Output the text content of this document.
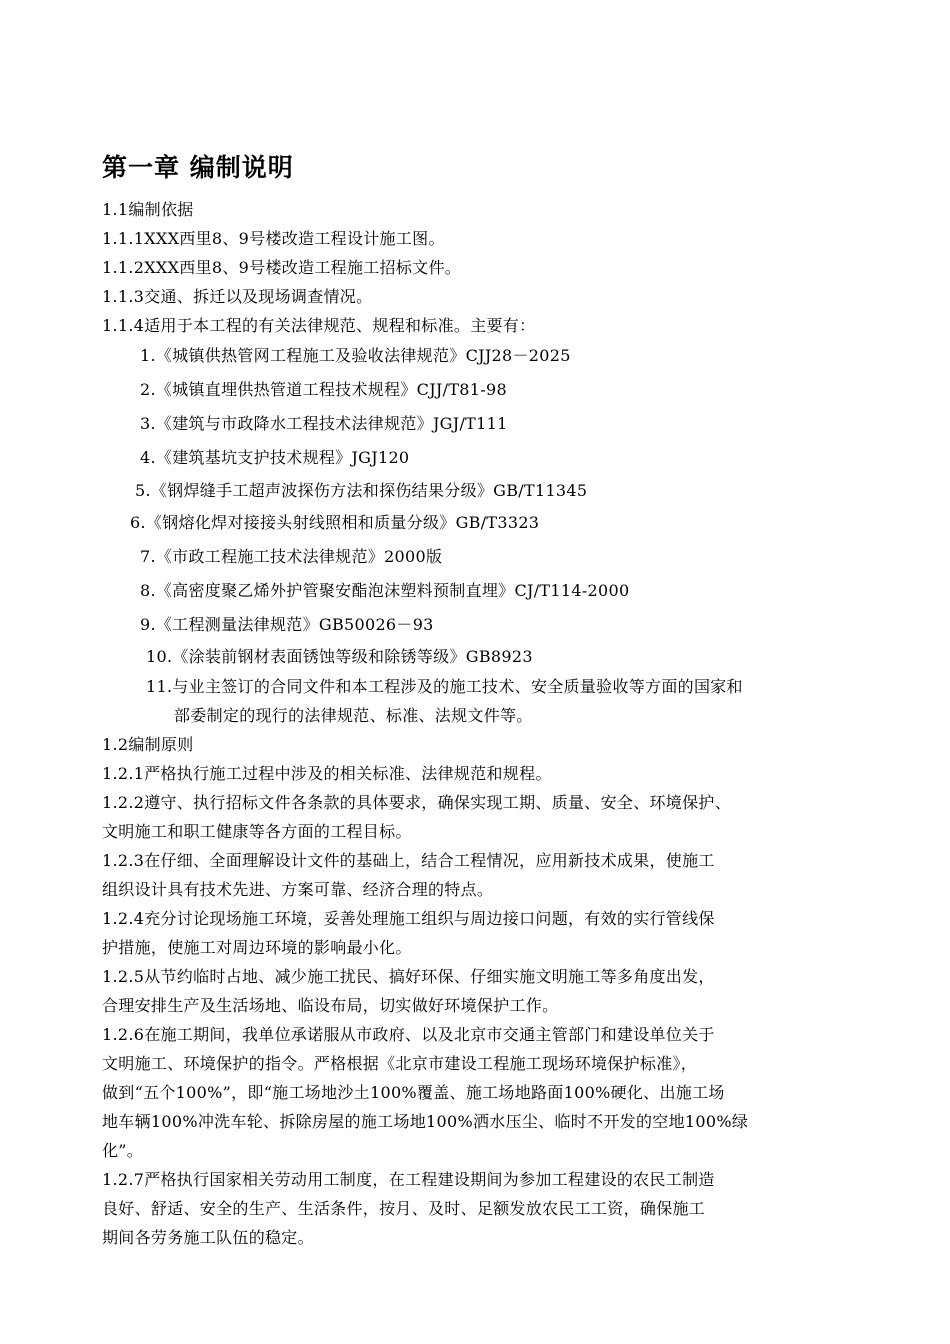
第一章 编制说明
1.1编制依据
1.1.1XXX西里8、9号楼改造工程设计施工图。
1.1.2XXX西里8、9号楼改造工程施工招标文件。
1.1.3交通、拆迁以及现场调查情况。
1.1.4适用于本工程的有关法律规范、规程和标准。主要有：
1.《城镇供热管网工程施工及验收法律规范》CJJ28－2025
2.《城镇直埋供热管道工程技术规程》CJJ/T81-98
3.《建筑与市政降水工程技术法律规范》JGJ/T111
4.《建筑基坑支护技术规程》JGJ120
5.《钢焊缝手工超声波探伤方法和探伤结果分级》GB/T11345
6.《钢熔化焊对接接头射线照相和质量分级》GB/T3323
7.《市政工程施工技术法律规范》2000版
8.《高密度聚乙烯外护管聚安酯泡沫塑料预制直埋》CJ/T114-2000
9.《工程测量法律规范》GB50026－93
10.《涂装前钢材表面锈蚀等级和除锈等级》GB8923
11.与业主签订的合同文件和本工程涉及的施工技术、安全质量验收等方面的国家和
部委制定的现行的法律规范、标准、法规文件等。
1.2编制原则
1.2.1严格执行施工过程中涉及的相关标准、法律规范和规程。
1.2.2遵守、执行招标文件各条款的具体要求，确保实现工期、质量、安全、环境保护、
文明施工和职工健康等各方面的工程目标。
1.2.3在仔细、全面理解设计文件的基础上，结合工程情况，应用新技术成果，使施工
组织设计具有技术先进、方案可靠、经济合理的特点。
1.2.4充分讨论现场施工环境，妥善处理施工组织与周边接口问题，有效的实行管线保
护措施，使施工对周边环境的影响最小化。
1.2.5从节约临时占地、减少施工扰民、搞好环保、仔细实施文明施工等多角度出发，
合理安排生产及生活场地、临设布局，切实做好环境保护工作。
1.2.6在施工期间，我单位承诺服从市政府、以及北京市交通主管部门和建设单位关于
文明施工、环境保护的指令。严格根据《北京市建设工程施工现场环境保护标准》，
做到“五个100%”，即“施工场地沙土100%覆盖、施工场地路面100%硬化、出施工场
地车辆100%冲洗车轮、拆除房屋的施工场地100%洒水压尘、临时不开发的空地100%绿
化”。
1.2.7严格执行国家相关劳动用工制度，在工程建设期间为参加工程建设的农民工制造
良好、舒适、安全的生产、生活条件，按月、及时、足额发放农民工工资，确保施工
期间各劳务施工队伍的稳定。
